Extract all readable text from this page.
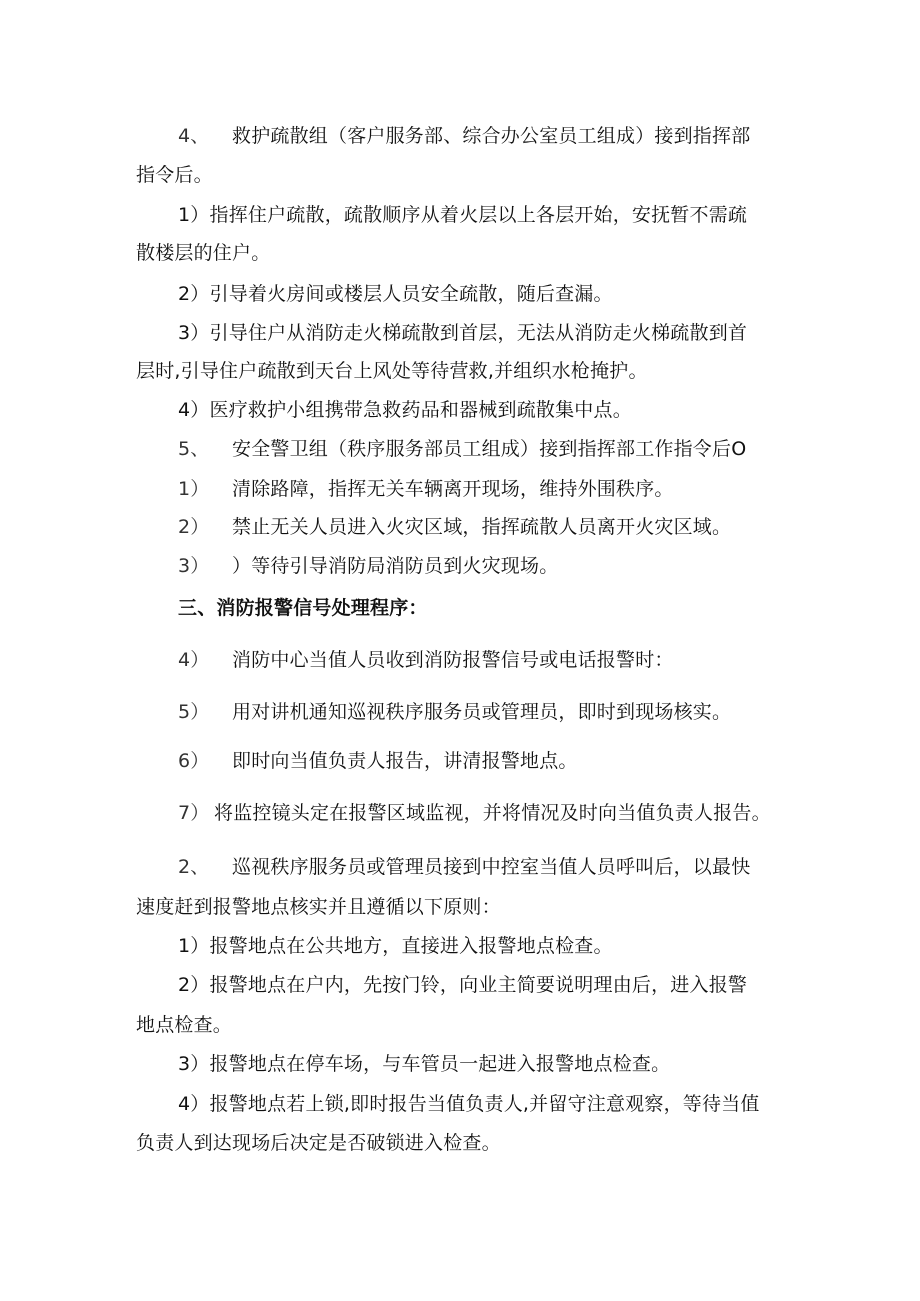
4、 救护疏散组（客户服务部、综合办公室员工组成）接到指挥部
指令后。
1）指挥住户疏散，疏散顺序从着火层以上各层开始，安抚暂不需疏
散楼层的住户。
2）引导着火房间或楼层人员安全疏散，随后查漏。
3）引导住户从消防走火梯疏散到首层，无法从消防走火梯疏散到首
层时,引导住户疏散到天台上风处等待营救,并组织水枪掩护。
4）医疗救护小组携带急救药品和器械到疏散集中点。
5、 安全警卫组（秩序服务部员工组成）接到指挥部工作指令后O
1） 清除路障，指挥无关车辆离开现场，维持外围秩序。
2） 禁止无关人员进入火灾区域，指挥疏散人员离开火灾区域。
3） ）等待引导消防局消防员到火灾现场。
三、消防报警信号处理程序：
4） 消防中心当值人员收到消防报警信号或电话报警时：
5） 用对讲机通知巡视秩序服务员或管理员，即时到现场核实。
6） 即时向当值负责人报告，讲清报警地点。
7） 将监控镜头定在报警区域监视，并将情况及时向当值负责人报告。
2、 巡视秩序服务员或管理员接到中控室当值人员呼叫后，以最快
速度赶到报警地点核实并且遵循以下原则：
1）报警地点在公共地方，直接进入报警地点检查。
2）报警地点在户内，先按门铃，向业主简要说明理由后，进入报警
地点检查。
3）报警地点在停车场，与车管员一起进入报警地点检查。
4）报警地点若上锁,即时报告当值负责人,并留守注意观察，等待当值
负责人到达现场后决定是否破锁进入检查。
